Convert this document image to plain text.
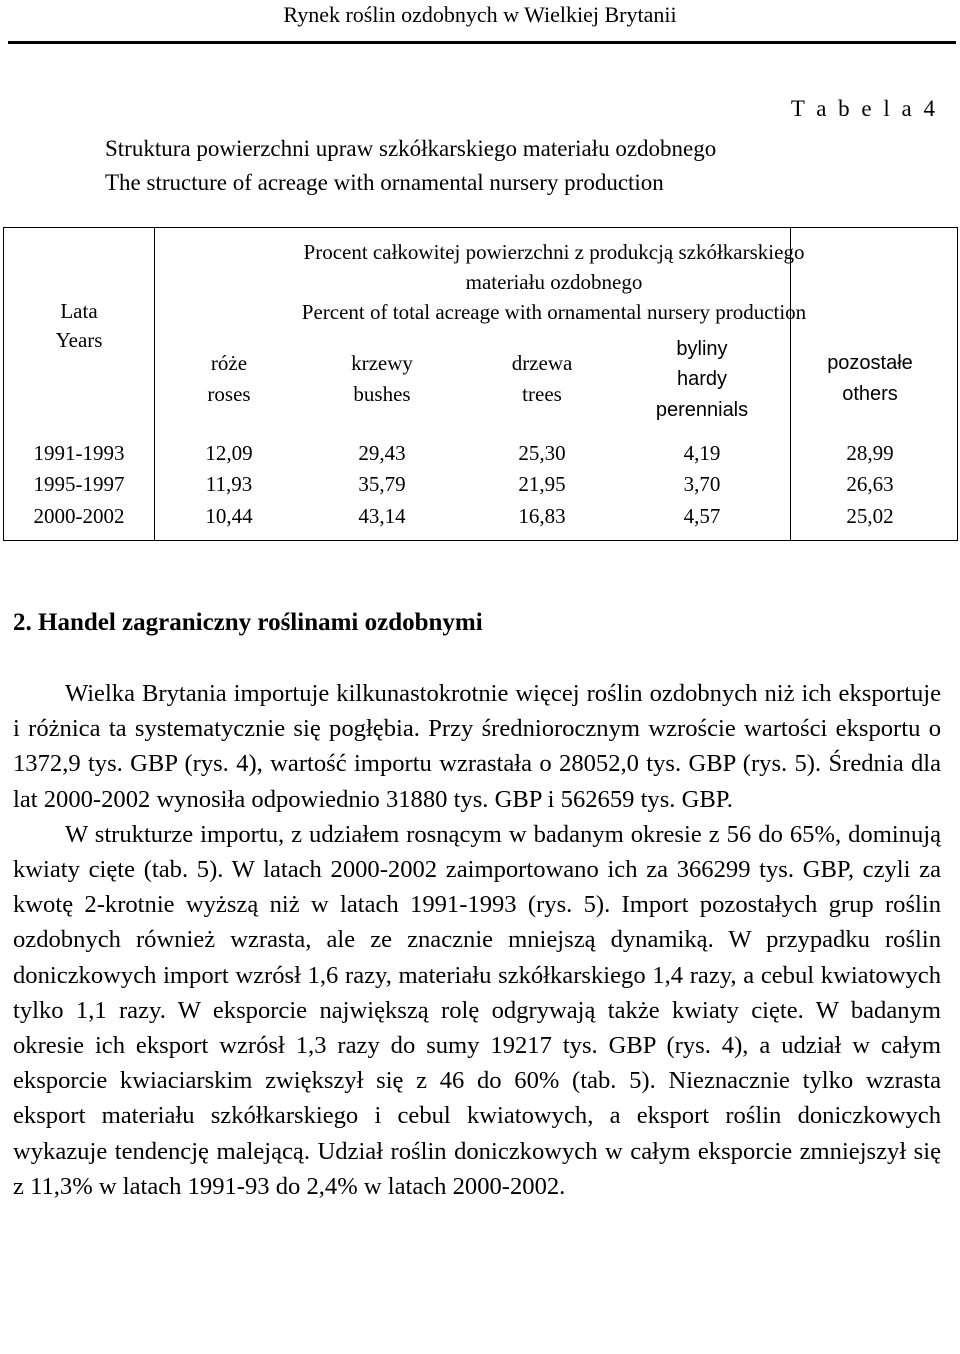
Rynek roślin ozdobnych w Wielkiej Brytanii
T a b e l a 4
Struktura powierzchni upraw szkółkarskiego materiału ozdobnego
The structure of acreage with ornamental nursery production
Lata
Years
Procent całkowitej powierzchni z produkcją szkółkarskiego
materiału ozdobnego
Percent of total acreage with ornamental nursery production
róże
roses
krzewy
bushes
drzewa
trees
byliny
hardy
perennials
pozostałe
others
1991-1993	12,09	29,43	25,30	4,19	28,99
1995-1997	11,93	35,79	21,95	3,70	26,63
2000-2002	10,44	43,14	16,83	4,57	25,02
2. Handel zagraniczny roślinami ozdobnymi

Wielka Brytania importuje kilkunastokrotnie więcej roślin ozdobnych niż ich eksportuje i różnica ta systematycznie się pogłębia. Przy średniorocznym wzroście wartości eksportu o 1372,9 tys. GBP (rys. 4), wartość importu wzrastała o 28052,0 tys. GBP (rys. 5). Średnia dla lat 2000-2002 wynosiła odpowiednio 31880 tys. GBP i 562659 tys. GBP.

W strukturze importu, z udziałem rosnącym w badanym okresie z 56 do 65%, dominują kwiaty cięte (tab. 5). W latach 2000-2002 zaimportowano ich za 366299 tys. GBP, czyli za kwotę 2-krotnie wyższą niż w latach 1991-1993 (rys. 5). Import pozostałych grup roślin ozdobnych również wzrasta, ale ze znacznie mniejszą dynamiką. W przypadku roślin doniczkowych import wzrósł 1,6 razy, materiału szkółkarskiego 1,4 razy, a cebul kwiatowych tylko 1,1 razy. W eksporcie największą rolę odgrywają także kwiaty cięte. W badanym okresie ich eksport wzrósł 1,3 razy do sumy 19217 tys. GBP (rys. 4), a udział w całym eksporcie kwiaciarskim zwiększył się z 46 do 60% (tab. 5). Nieznacznie tylko wzrasta eksport materiału szkółkarskiego i cebul kwiatowych, a eksport roślin doniczkowych wykazuje tendencję malejącą. Udział roślin doniczkowych w całym eksporcie zmniejszył się z 11,3% w latach 1991-93 do 2,4% w latach 2000-2002.
